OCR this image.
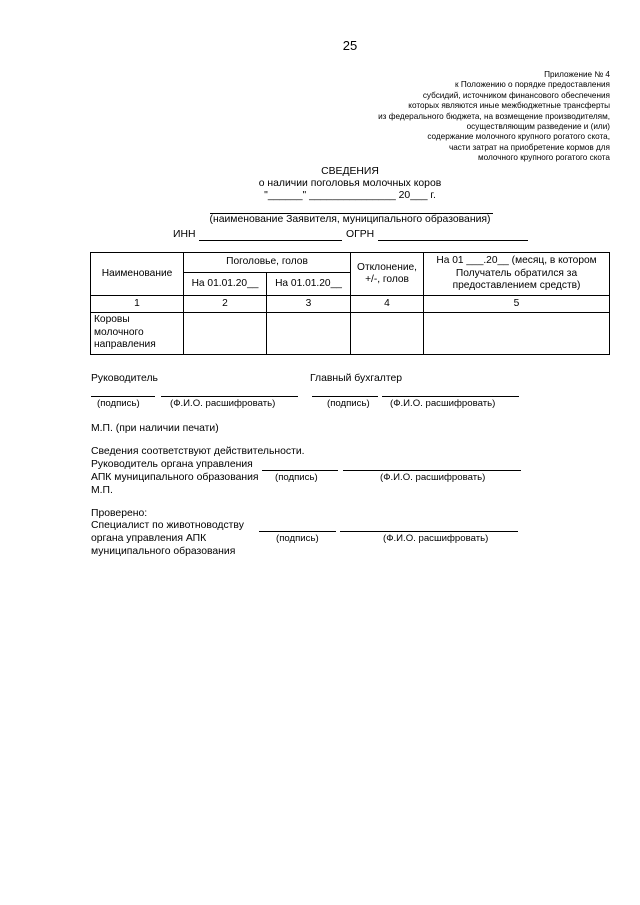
25
Приложение № 4
к Положению о порядке предоставления
субсидий, источником финансового обеспечения
которых являются иные межбюджетные трансферты
из федерального бюджета, на возмещение производителям,
осуществляющим разведение и (или)
содержание молочного крупного рогатого скота,
части затрат на приобретение кормов для
молочного крупного рогатого скота
СВЕДЕНИЯ
о наличии поголовья молочных коров
"______" _______________ 20___ г.
(наименование Заявителя, муниципального образования)
ИНН	ОГРН
Наименование	Поголовье, голов		Отклонение, +/-, голов	На 01 ___.20__ (месяц, в котором Получатель обратился за предоставлением средств)
	На 01.01.20__	На 01.01.20__		
1	2	3	4	5
Коровы молочного направления				
Руководитель	Главный бухгалтер
(подпись)	(Ф.И.О. расшифровать)	(подпись) (Ф.И.О. расшифровать)
М.П. (при наличии печати)
Сведения соответствуют действительности.
Руководитель органа управления
АПК муниципального образования (подпись)	(Ф.И.О. расшифровать)
М.П.
Проверено:
Специалист по животноводству
органа управления АПК	(подпись)	(Ф.И.О. расшифровать)
муниципального образования
